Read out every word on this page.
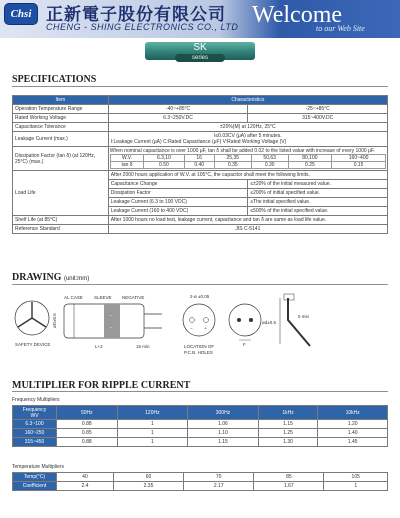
Chsi 正新電子股份有限公司
CHENG - SHING ELECTRONICS CO., LTD Welcome
to our Web Site
SK
series
SPECIFICATIONS
Item	Characteristics
Operation Temperature Range	-40~+85°C	-25~+85°C
Rated Working Voltage	6.3~250V.DC	315~400V.DC
Capacitance Tolerance	±20%(M) at 120Hz, 25°C
Leakage Current (max.)	I≤0.03CV (μA) after 5 minutes.
I:Leakage Current (μA) C:Rated Capacitance (μF) V:Rated Working Voltage (V)

Dissipation Factor (tan δ) (at 120Hz, 25°C) (max.)	
When nominal capacitance is over 1000 μF, tan δ shall be added 0.02 to the listed value with increase of every 1000 μF.
W.V.	6.3,10	16	25,35	50,63	80,100	160~400
tan δ	0.50	0.40	0.35	0.30	0.25	0.15

Load Life	After 2000 hours application of W.V. at 105°C, the capacitor shall meet the following limits.
Capacitance Change	≤±20% of the initial measured value.
Dissipation Factor	≤200% of initial specified value.
Leakage Current (6.3 to 100 VDC)	≤The initial specified value.
Leakage Current (160 to 400 VDC)	≤500% of the initial specified value.
Shelf Life (at 85°C)	After 1000 hours no load test, leakage current, capacitance and tan δ are same as load life value.
Reference Standard	JIS C-5141
DRAWING (unit:mm)
SAFETY DEVICE
−
−
AL CASE SLEEVE NEGATIVE
L+2	15 min
øD±0.5
−	+
2-ø ±0.05
LOCATION OF
P.C.B. HOLES
F
ød±0.5
5 min
MULTIPLIER FOR RIPPLE CURRENT
Frequency Multipliers
Frequency
WV	50Hz	120Hz	300Hz	1kHz	10kHz
6.3~100	0.88	1	1.06	1.15	1.20
160~250	0.85	1	1.10	1.25	1.40
315~450	0.88	1	1.15	1.30	1.45
Temperature Multipliers
Temp(°C)	40	60	70	85	105
Coefficient	2.4	2.35	2.17	1.67	1
